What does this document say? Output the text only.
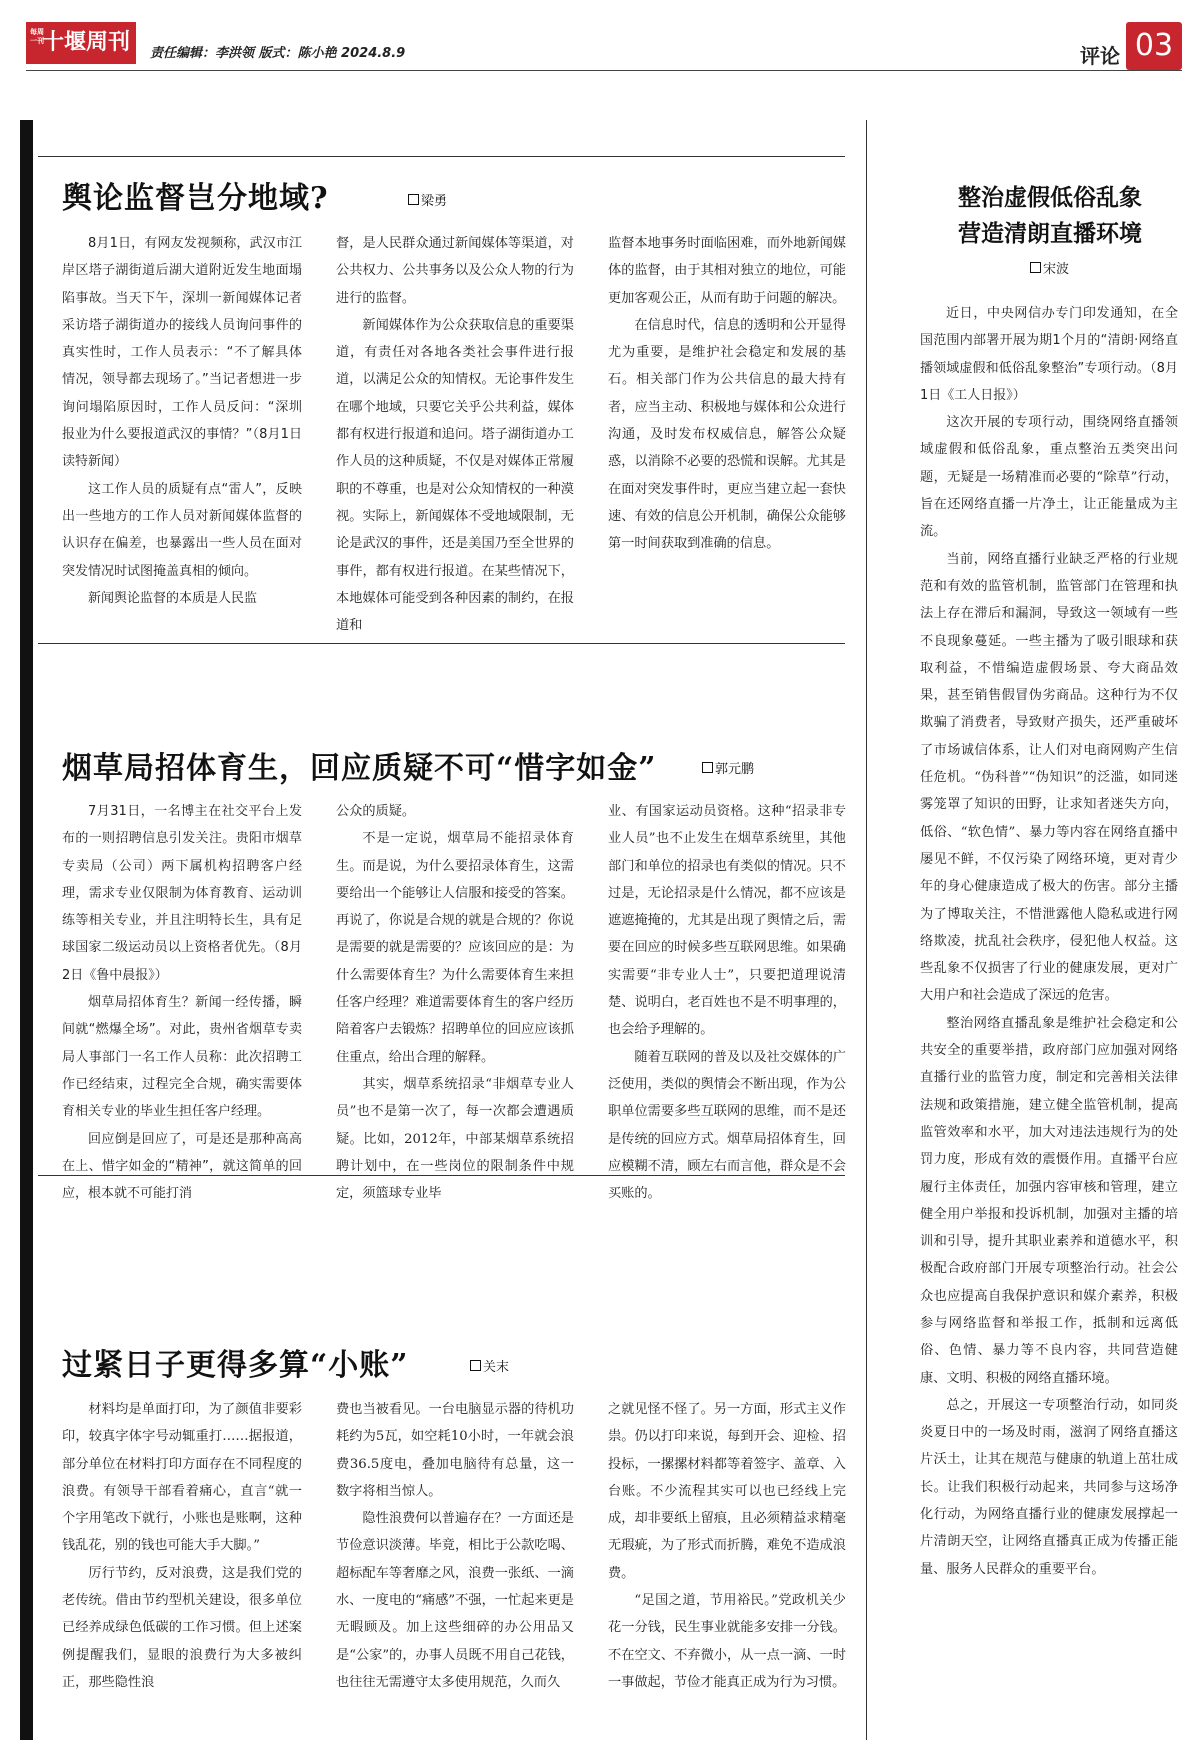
每周一刊
十堰周刊	责任编辑：李洪领 版式：陈小艳 2024.8.9	评论 03
舆论监督岂分地域?	梁勇

8月1日，有网友发视频称，武汉市江岸区塔子湖街道后湖大道附近发生地面塌陷事故。当天下午，深圳一新闻媒体记者采访塔子湖街道办的接线人员询问事件的真实性时，工作人员表示：“不了解具体情况，领导都去现场了。”当记者想进一步询问塌陷原因时，工作人员反问：“深圳报业为什么要报道武汉的事情？”（8月1日 读特新闻）

这工作人员的质疑有点“雷人”，反映出一些地方的工作人员对新闻媒体监督的认识存在偏差，也暴露出一些人员在面对突发情况时试图掩盖真相的倾向。

新闻舆论监督的本质是人民监

督，是人民群众通过新闻媒体等渠道，对公共权力、公共事务以及公众人物的行为进行的监督。

新闻媒体作为公众获取信息的重要渠道，有责任对各地各类社会事件进行报道，以满足公众的知情权。无论事件发生在哪个地域，只要它关乎公共利益，媒体都有权进行报道和追问。塔子湖街道办工作人员的这种质疑，不仅是对媒体正常履职的不尊重，也是对公众知情权的一种漠视。实际上，新闻媒体不受地域限制，无论是武汉的事件，还是美国乃至全世界的事件，都有权进行报道。在某些情况下，本地媒体可能受到各种因素的制约，在报道和

监督本地事务时面临困难，而外地新闻媒体的监督，由于其相对独立的地位，可能更加客观公正，从而有助于问题的解决。

在信息时代，信息的透明和公开显得尤为重要，是维护社会稳定和发展的基石。相关部门作为公共信息的最大持有者，应当主动、积极地与媒体和公众进行沟通，及时发布权威信息，解答公众疑惑，以消除不必要的恐慌和误解。尤其是在面对突发事件时，更应当建立起一套快速、有效的信息公开机制，确保公众能够第一时间获取到准确的信息。

烟草局招体育生，回应质疑不可“惜字如金”	郭元鹏

7月31日，一名博主在社交平台上发布的一则招聘信息引发关注。贵阳市烟草专卖局（公司）两下属机构招聘客户经理，需求专业仅限制为体育教育、运动训练等相关专业，并且注明特长生，具有足球国家二级运动员以上资格者优先。（8月2日《鲁中晨报》）

烟草局招体育生？新闻一经传播，瞬间就“燃爆全场”。对此，贵州省烟草专卖局人事部门一名工作人员称：此次招聘工作已经结束，过程完全合规，确实需要体育相关专业的毕业生担任客户经理。

回应倒是回应了，可是还是那种高高在上、惜字如金的“精神”，就这简单的回应，根本就不可能打消

公众的质疑。

不是一定说，烟草局不能招录体育生。而是说，为什么要招录体育生，这需要给出一个能够让人信服和接受的答案。再说了，你说是合规的就是合规的？你说是需要的就是需要的？应该回应的是：为什么需要体育生？为什么需要体育生来担任客户经理？难道需要体育生的客户经历陪着客户去锻炼？招聘单位的回应应该抓住重点，给出合理的解释。

其实，烟草系统招录“非烟草专业人员”也不是第一次了，每一次都会遭遇质疑。比如，2012年，中部某烟草系统招聘计划中，在一些岗位的限制条件中规定，须篮球专业毕

业、有国家运动员资格。这种“招录非专业人员”也不止发生在烟草系统里，其他部门和单位的招录也有类似的情况。只不过是，无论招录是什么情况，都不应该是遮遮掩掩的，尤其是出现了舆情之后，需要在回应的时候多些互联网思维。如果确实需要“非专业人士”，只要把道理说清楚、说明白，老百姓也不是不明事理的，也会给予理解的。

随着互联网的普及以及社交媒体的广泛使用，类似的舆情会不断出现，作为公职单位需要多些互联网的思维，而不是还是传统的回应方式。烟草局招体育生，回应模糊不清，顾左右而言他，群众是不会买账的。

过紧日子更得多算“小账”	关末

材料均是单面打印，为了颜值非要彩印，较真字体字号动辄重打……据报道，部分单位在材料打印方面存在不同程度的浪费。有领导干部看着痛心，直言“就一个字用笔改下就行，小账也是账啊，这种钱乱花，别的钱也可能大手大脚。”

厉行节约，反对浪费，这是我们党的老传统。借由节约型机关建设，很多单位已经养成绿色低碳的工作习惯。但上述案例提醒我们，显眼的浪费行为大多被纠正，那些隐性浪

费也当被看见。一台电脑显示器的待机功耗约为5瓦，如空耗10小时，一年就会浪费36.5度电，叠加电脑待有总量，这一数字将相当惊人。

隐性浪费何以普遍存在？一方面还是节俭意识淡薄。毕竟，相比于公款吃喝、超标配车等奢靡之风，浪费一张纸、一滴水、一度电的“痛感”不强，一忙起来更是无暇顾及。加上这些细碎的办公用品又是“公家”的，办事人员既不用自己花钱，也往往无需遵守太多使用规范，久而久

之就见怪不怪了。另一方面，形式主义作祟。仍以打印来说，每到开会、迎检、招投标，一摞摞材料都等着签字、盖章、入台账。不少流程其实可以也已经线上完成，却非要纸上留痕，且必须精益求精毫无瑕疵，为了形式而折腾，难免不造成浪费。

“足国之道，节用裕民。”党政机关少花一分钱，民生事业就能多安排一分钱。不在空文、不弃微小，从一点一滴、一时一事做起，节俭才能真正成为行为习惯。

整治虚假低俗乱象
营造清朗直播环境
宋波

近日，中央网信办专门印发通知，在全国范围内部署开展为期1个月的“清朗·网络直播领域虚假和低俗乱象整治”专项行动。（8月1日《工人日报》）

这次开展的专项行动，围绕网络直播领域虚假和低俗乱象，重点整治五类突出问题，无疑是一场精准而必要的“除草”行动，旨在还网络直播一片净土，让正能量成为主流。

当前，网络直播行业缺乏严格的行业规范和有效的监管机制，监管部门在管理和执法上存在滞后和漏洞，导致这一领域有一些不良现象蔓延。一些主播为了吸引眼球和获取利益，不惜编造虚假场景、夸大商品效果，甚至销售假冒伪劣商品。这种行为不仅欺骗了消费者，导致财产损失，还严重破坏了市场诚信体系，让人们对电商网购产生信任危机。“伪科普”“伪知识”的泛滥，如同迷雾笼罩了知识的田野，让求知者迷失方向，低俗、“软色情”、暴力等内容在网络直播中屡见不鲜，不仅污染了网络环境，更对青少年的身心健康造成了极大的伤害。部分主播为了博取关注，不惜泄露他人隐私或进行网络欺凌，扰乱社会秩序，侵犯他人权益。这些乱象不仅损害了行业的健康发展，更对广大用户和社会造成了深远的危害。

整治网络直播乱象是维护社会稳定和公共安全的重要举措，政府部门应加强对网络直播行业的监管力度，制定和完善相关法律法规和政策措施，建立健全监管机制，提高监管效率和水平，加大对违法违规行为的处罚力度，形成有效的震慑作用。直播平台应履行主体责任，加强内容审核和管理，建立健全用户举报和投诉机制，加强对主播的培训和引导，提升其职业素养和道德水平，积极配合政府部门开展专项整治行动。社会公众也应提高自我保护意识和媒介素养，积极参与网络监督和举报工作，抵制和远离低俗、色情、暴力等不良内容，共同营造健康、文明、积极的网络直播环境。

总之，开展这一专项整治行动，如同炎炎夏日中的一场及时雨，滋润了网络直播这片沃土，让其在规范与健康的轨道上茁壮成长。让我们积极行动起来，共同参与这场净化行动，为网络直播行业的健康发展撑起一片清朗天空，让网络直播真正成为传播正能量、服务人民群众的重要平台。
